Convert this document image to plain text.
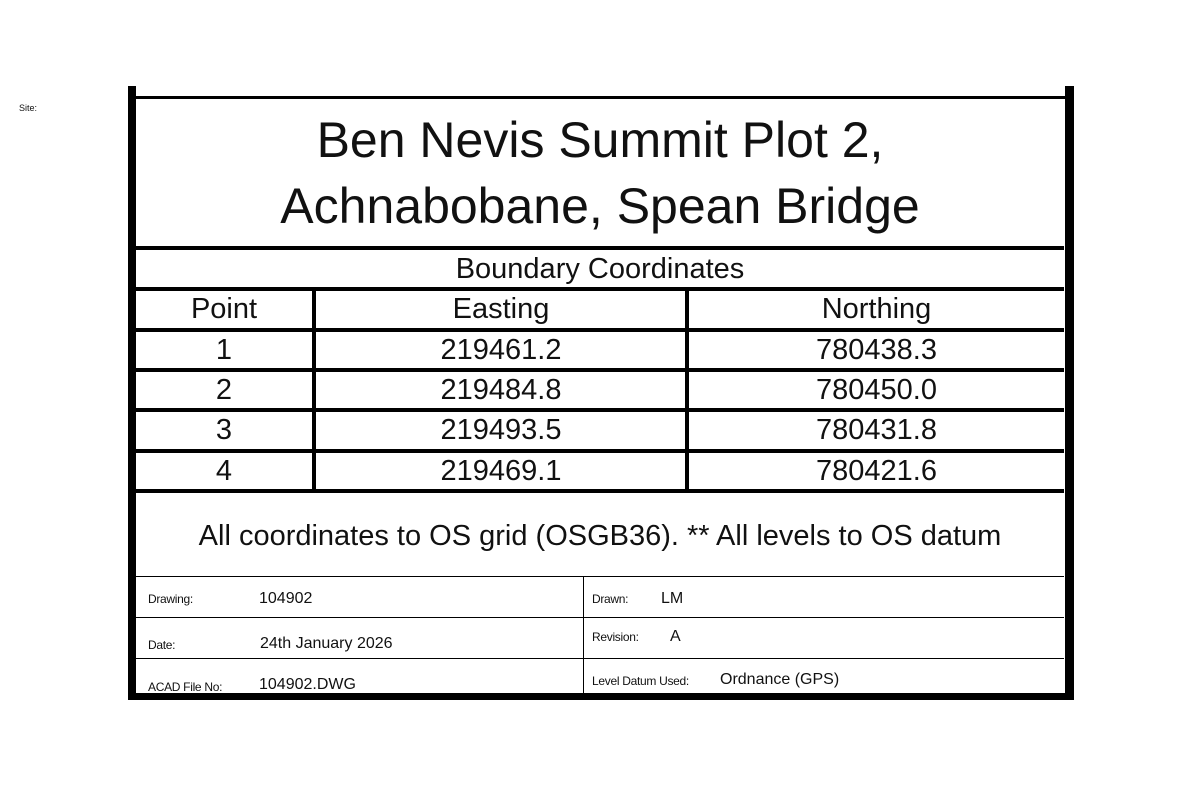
Site:
Ben Nevis Summit Plot 2,
Achnabobane, Spean Bridge
Boundary Coordinates
Point	Easting	Northing
1	219461.2	780438.3
2	219484.8	780450.0
3	219493.5	780431.8
4	219469.1	780421.6
All coordinates to OS grid (OSGB36). ** All levels to OS datum
Drawing:	104902
Date:	24th January 2026
ACAD File No: 104902.DWG
Drawn: LM
Revision: A
Level Datum Used: Ordnance (GPS)
